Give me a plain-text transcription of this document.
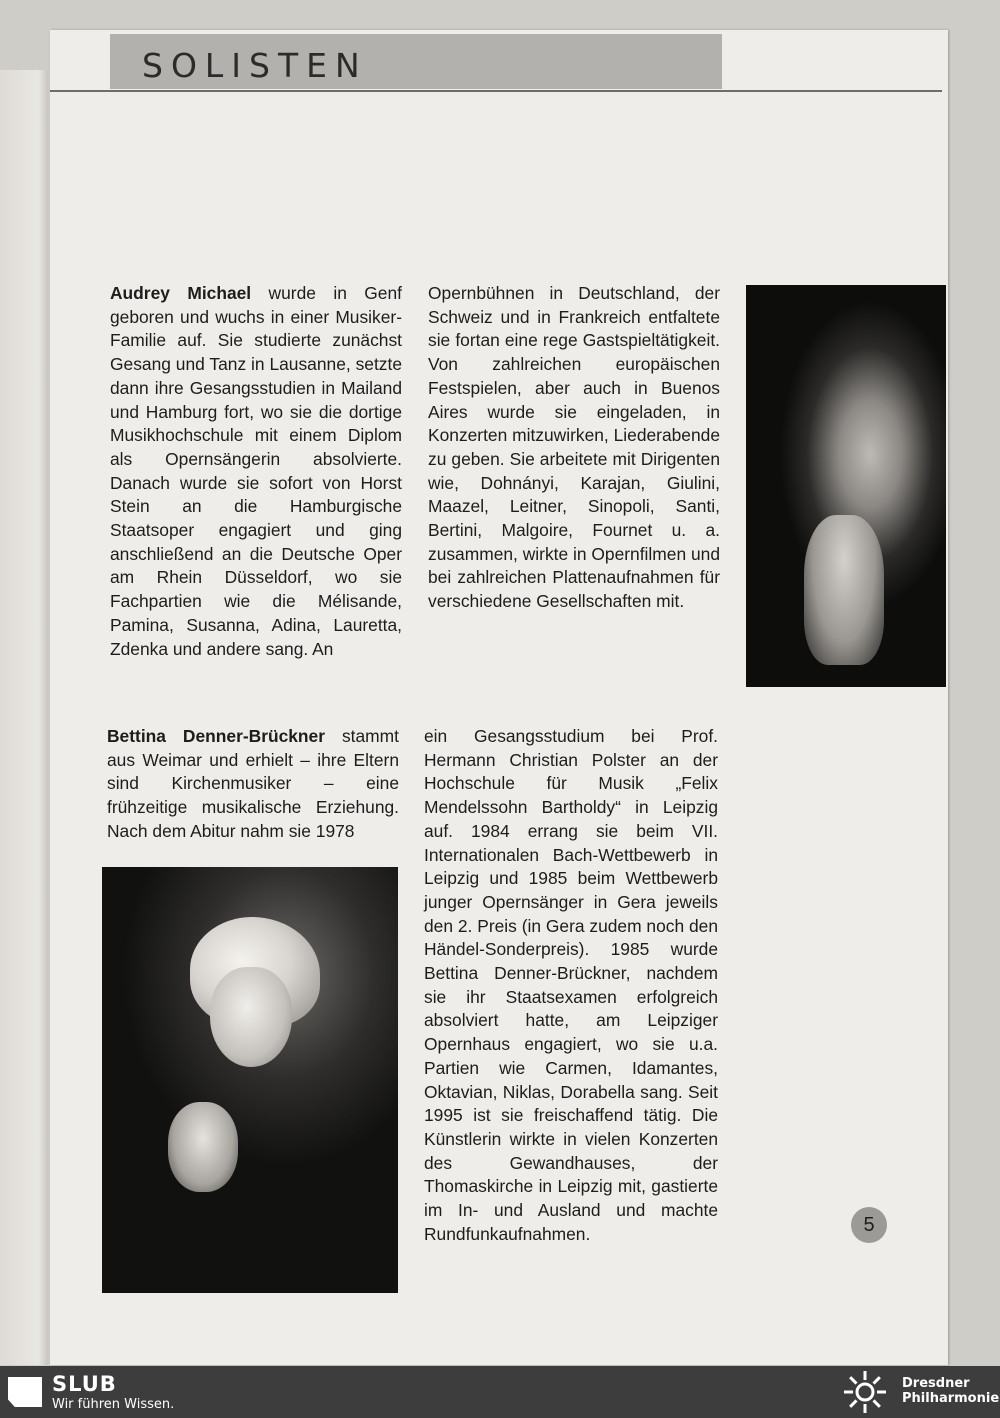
SOLISTEN

Audrey Michael wurde in Genf geboren und wuchs in einer Musiker-Familie auf. Sie studierte zunächst Gesang und Tanz in Lausanne, setzte dann ihre Gesangsstudien in Mailand und Hamburg fort, wo sie die dortige Musikhochschule mit einem Diplom als Opernsängerin absolvierte. Danach wurde sie sofort von Horst Stein an die Hamburgische Staatsoper engagiert und ging anschließend an die Deutsche Oper am Rhein Düsseldorf, wo sie Fachpartien wie die Mélisande, Pamina, Susanna, Adina, Lauretta, Zdenka und andere sang. An

Opernbühnen in Deutschland, der Schweiz und in Frankreich entfaltete sie fortan eine rege Gastspieltätigkeit. Von zahlreichen europäischen Festspielen, aber auch in Buenos Aires wurde sie eingeladen, in Konzerten mitzuwirken, Liederabende zu geben. Sie arbeitete mit Dirigenten wie, Dohnányi, Karajan, Giulini, Maazel, Leitner, Sinopoli, Santi, Bertini, Malgoire, Fournet u. a. zusammen, wirkte in Opernfilmen und bei zahlreichen Plattenaufnahmen für verschiedene Gesellschaften mit.

Bettina Denner-Brückner stammt aus Weimar und erhielt – ihre Eltern sind Kirchenmusiker – eine frühzeitige musikalische Erziehung. Nach dem Abitur nahm sie 1978

ein Gesangsstudium bei Prof. Hermann Christian Polster an der Hochschule für Musik „Felix Mendelssohn Bartholdy“ in Leipzig auf. 1984 errang sie beim VII. Internationalen Bach-Wettbewerb in Leipzig und 1985 beim Wettbewerb junger Opernsänger in Gera jeweils den 2. Preis (in Gera zudem noch den Händel-Sonderpreis). 1985 wurde Bettina Denner-Brückner, nachdem sie ihr Staatsexamen erfolgreich absolviert hatte, am Leipziger Opernhaus engagiert, wo sie u.a. Partien wie Carmen, Idamantes, Oktavian, Niklas, Dorabella sang. Seit 1995 ist sie freischaffend tätig. Die Künstlerin wirkte in vielen Konzerten des Gewandhauses, der Thomaskirche in Leipzig mit, gastierte im In- und Ausland und machte Rundfunkaufnahmen.	5
SLUB
Wir führen Wissen.
Dresdner
Philharmonie
